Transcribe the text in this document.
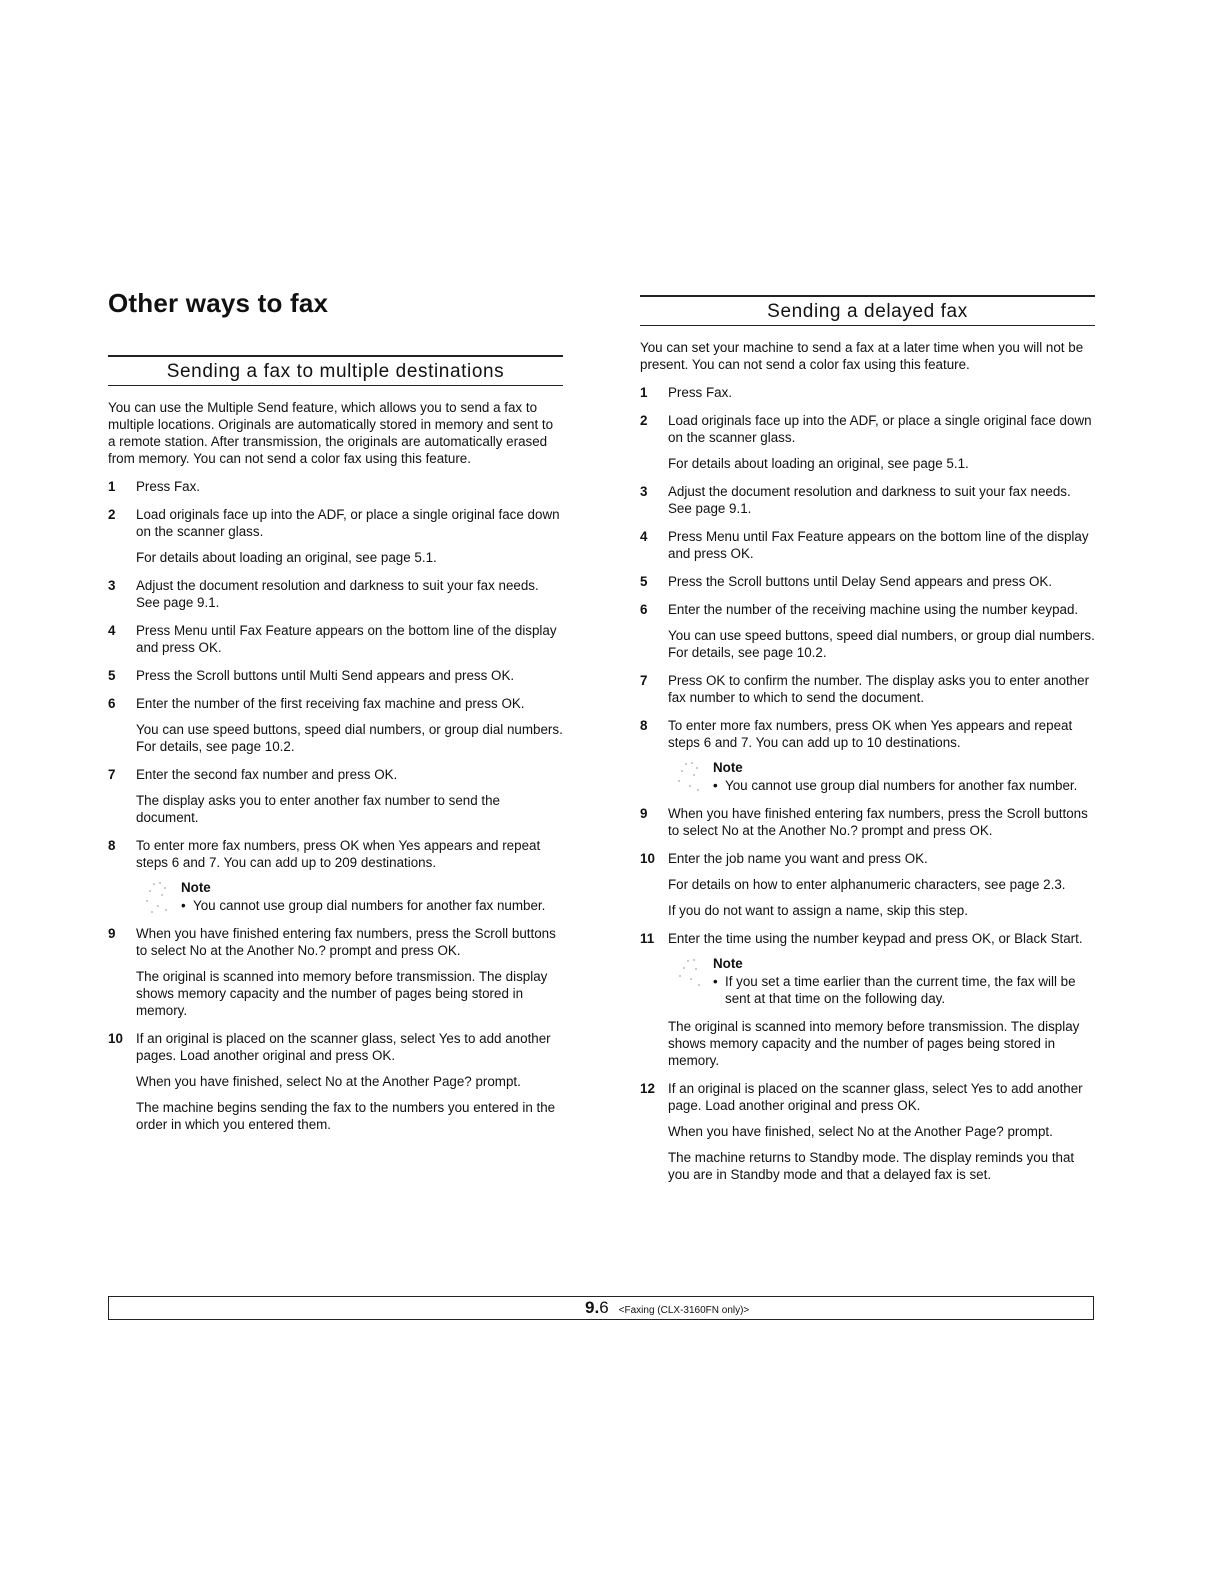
Other ways to fax
Sending a fax to multiple destinations

You can use the Multiple Send feature, which allows you to send a fax to multiple locations. Originals are automatically stored in memory and sent to a remote station. After transmission, the originals are automatically erased from memory. You can not send a color fax using this feature.

1	Press Fax.

2	Load originals face up into the ADF, or place a single original face down on the scanner glass.

For details about loading an original, see page 5.1.

3	Adjust the document resolution and darkness to suit your fax needs. See page 9.1.

4	Press Menu until Fax Feature appears on the bottom line of the display and press OK.

5	Press the Scroll buttons until Multi Send appears and press OK.

6	Enter the number of the first receiving fax machine and press OK.

You can use speed buttons, speed dial numbers, or group dial numbers. For details, see page 10.2.

7	Enter the second fax number and press OK.

The display asks you to enter another fax number to send the document.

8	To enter more fax numbers, press OK when Yes appears and repeat steps 6 and 7. You can add up to 209 destinations.

Note

• You cannot use group dial numbers for another fax number.

9	When you have finished entering fax numbers, press the Scroll buttons to select No at the Another No.? prompt and press OK.

The original is scanned into memory before transmission. The display shows memory capacity and the number of pages being stored in memory.

10 If an original is placed on the scanner glass, select Yes to add another pages. Load another original and press OK.

When you have finished, select No at the Another Page? prompt.

The machine begins sending the fax to the numbers you entered in the order in which you entered them.

Sending a delayed fax

You can set your machine to send a fax at a later time when you will not be present. You can not send a color fax using this feature.

1	Press Fax.

2	Load originals face up into the ADF, or place a single original face down on the scanner glass.

For details about loading an original, see page 5.1.

3	Adjust the document resolution and darkness to suit your fax needs. See page 9.1.

4	Press Menu until Fax Feature appears on the bottom line of the display and press OK.

5	Press the Scroll buttons until Delay Send appears and press OK.

6	Enter the number of the receiving machine using the number keypad.

You can use speed buttons, speed dial numbers, or group dial numbers. For details, see page 10.2.

7	Press OK to confirm the number. The display asks you to enter another fax number to which to send the document.

8	To enter more fax numbers, press OK when Yes appears and repeat steps 6 and 7. You can add up to 10 destinations.

Note

• You cannot use group dial numbers for another fax number.

9	When you have finished entering fax numbers, press the Scroll buttons to select No at the Another No.? prompt and press OK.

10 Enter the job name you want and press OK.

For details on how to enter alphanumeric characters, see page 2.3.

If you do not want to assign a name, skip this step.

11	Enter the time using the number keypad and press OK, or Black Start.

Note

• If you set a time earlier than the current time, the fax will be sent at that time on the following day.

The original is scanned into memory before transmission. The display shows memory capacity and the number of pages being stored in memory.

12 If an original is placed on the scanner glass, select Yes to add another page. Load another original and press OK.

When you have finished, select No at the Another Page? prompt.

The machine returns to Standby mode. The display reminds you that you are in Standby mode and that a delayed fax is set.

9.6 <Faxing (CLX-3160FN only)>
